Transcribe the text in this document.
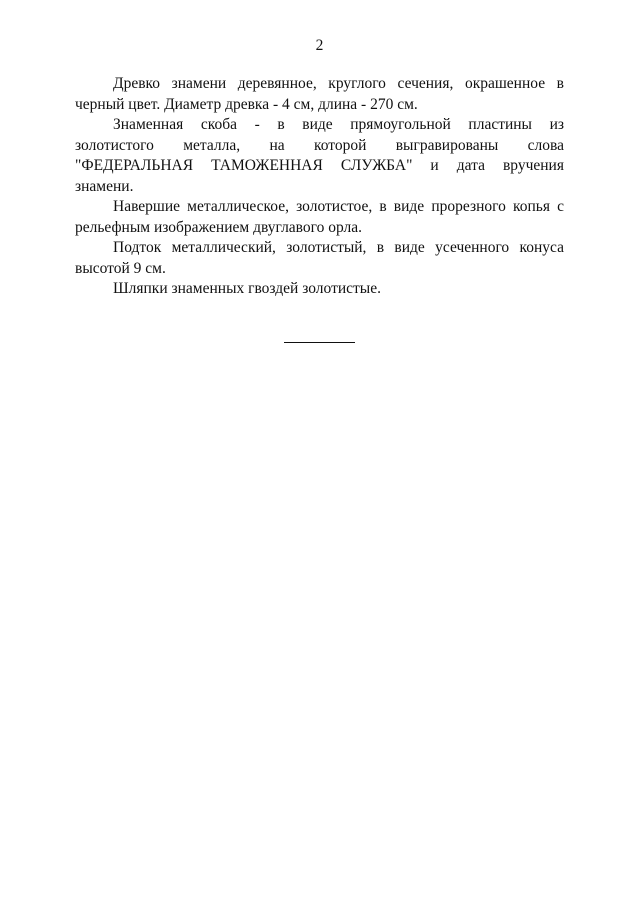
2
Древко знамени деревянное, круглого сечения, окрашенное в
черный цвет. Диаметр древка - 4 см, длина - 270 см.
Знаменная скоба - в виде прямоугольной пластины из
золотистого металла, на которой выгравированы слова
"ФЕДЕРАЛЬНАЯ ТАМОЖЕННАЯ СЛУЖБА" и дата вручения
знамени.
Навершие металлическое, золотистое, в виде прорезного копья с
рельефным изображением двуглавого орла.
Подток металлический, золотистый, в виде усеченного конуса
высотой 9 см.
Шляпки знаменных гвоздей золотистые.
